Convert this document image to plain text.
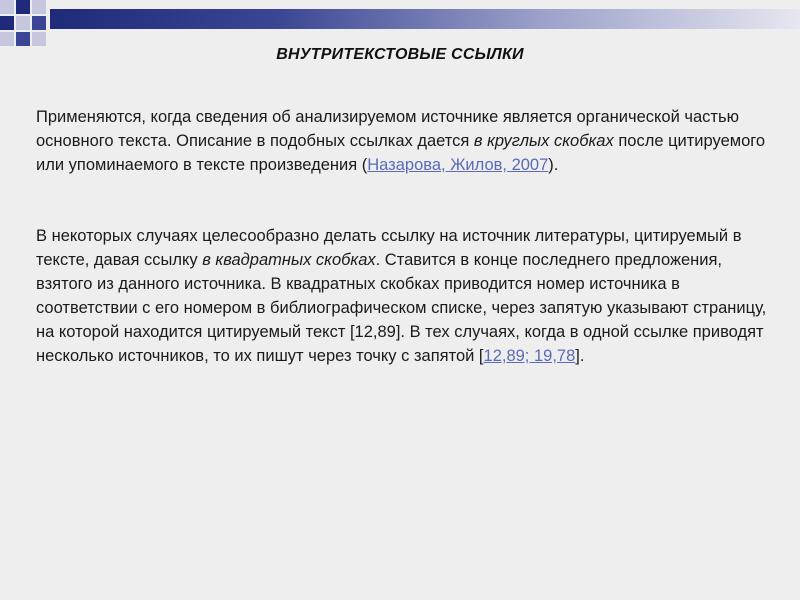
ВНУТРИТЕКСТОВЫЕ ССЫЛКИ
Применяются, когда сведения об анализируемом источнике является органической частью основного текста. Описание в подобных ссылках дается в круглых скобках после цитируемого или упоминаемого в тексте произведения (Назарова, Жилов, 2007).
В некоторых случаях целесообразно делать ссылку на источник литературы, цитируемый в тексте, давая ссылку в квадратных скобках. Ставится в конце последнего предложения, взятого из данного источника. В квадратных скобках приводится номер источника в соответствии с его номером в библиографическом списке, через запятую указывают страницу, на которой находится цитируемый текст [12,89]. В тех случаях, когда в одной ссылке приводят несколько источников, то их пишут через точку с запятой [12,89; 19,78].
